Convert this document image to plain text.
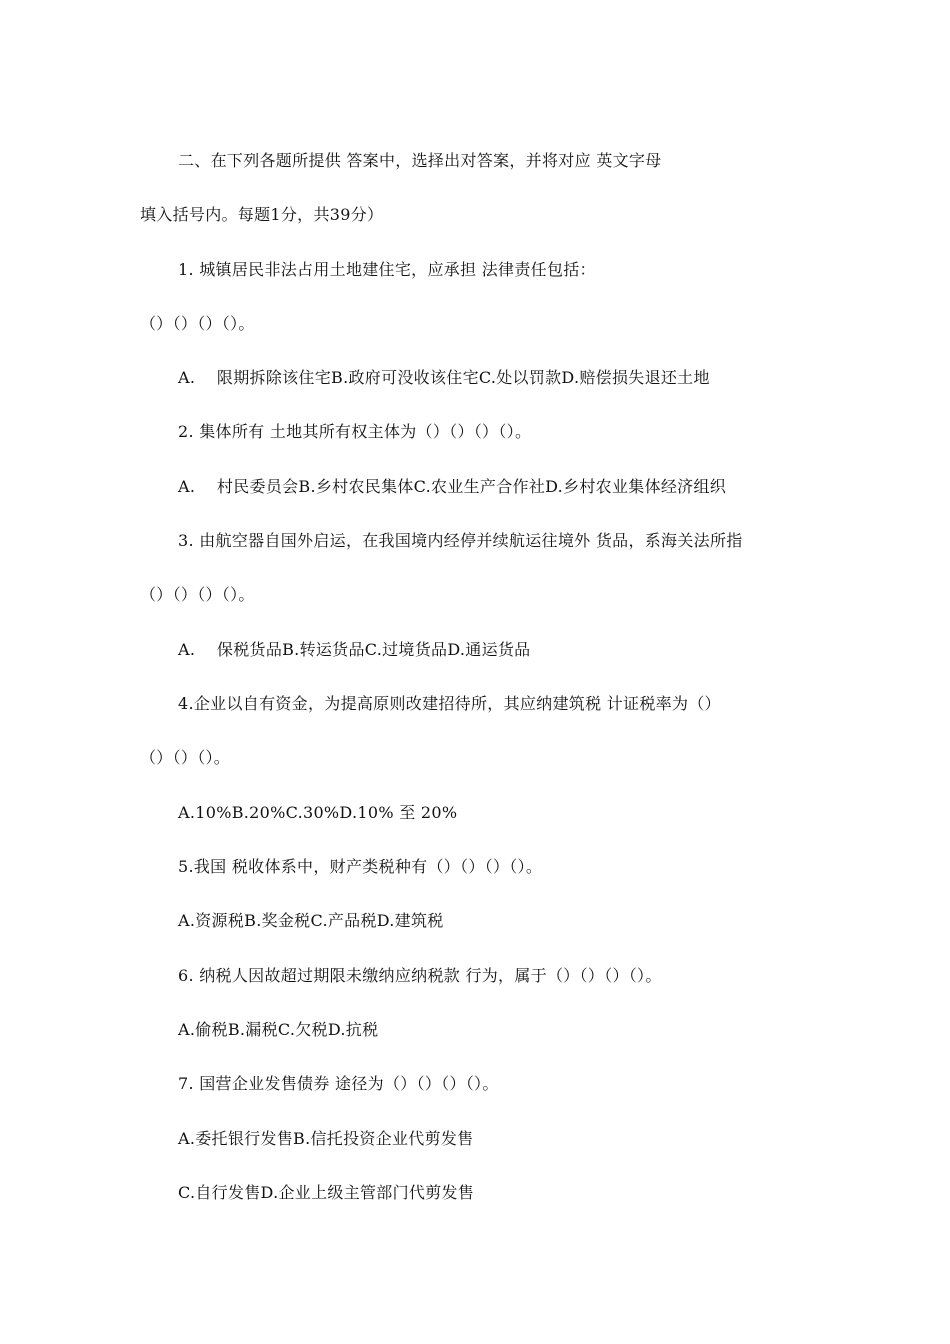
二、在下列各题所提供 答案中，选择出对答案，并将对应 英文字母
填入括号内。每题1分，共39分）
1. 城镇居民非法占用土地建住宅，应承担 法律责任包括：
（）（）（）（）。
A.　 限期拆除该住宅B.政府可没收该住宅C.处以罚款D.赔偿损失退还土地
2. 集体所有 土地其所有权主体为（）（）（）（）。
A.　 村民委员会B.乡村农民集体C.农业生产合作社D.乡村农业集体经济组织
3. 由航空器自国外启运，在我国境内经停并续航运往境外 货品，系海关法所指
（）（）（）（）。
A.　 保税货品B.转运货品C.过境货品D.通运货品
4.企业以自有资金，为提高原则改建招待所，其应纳建筑税 计证税率为（）
（）（）（）。
A.10%B.20%C.30%D.10% 至 20%
5.我国 税收体系中，财产类税种有（）（）（）（）。
A.资源税B.奖金税C.产品税D.建筑税
6. 纳税人因故超过期限未缴纳应纳税款 行为，属于（）（）（）（）。
A.偷税B.漏税C.欠税D.抗税
7. 国营企业发售债券 途径为（）（）（）（）。
A.委托银行发售B.信托投资企业代剪发售
C.自行发售D.企业上级主管部门代剪发售
